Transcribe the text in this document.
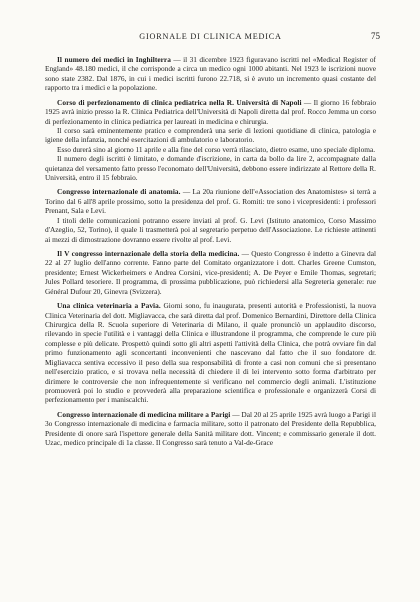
GIORNALE DI CLINICA MEDICA	75

Il numero dei medici in Inghilterra — il 31 dicembre 1923 figuravano iscritti nel «Medical Register of England» 48.180 medici, il che corrisponde a circa un medico ogni 1000 abitanti. Nel 1923 le iscrizioni nuove sono state 2382. Dal 1876, in cui i medici iscritti furono 22.718, si è avuto un incremento quasi costante del rapporto tra i medici e la popolazione.

Corso di perfezionamento di clinica pediatrica nella R. Università di Napoli — Il giorno 16 febbraio 1925 avrà inizio presso la R. Clinica Pediatrica dell'Università di Napoli diretta dal prof. Rocco Jemma un corso di perfezionamento in clinica pediatrica per laureati in medicina e chirurgia.

Il corso sarà eminentemente pratico e comprenderà una serie di lezioni quotidiane di clinica, patologia e igiene della infanzia, nonché esercitazioni di ambulatorio e laboratorio.

Esso durerà sino al giorno 11 aprile e alla fine del corso verrà rilasciato, dietro esame, uno speciale diploma.

Il numero degli iscritti è limitato, e domande d'iscrizione, in carta da bollo da lire 2, accompagnate dalla quietanza del versamento fatto presso l'economato dell'Università, debbono essere indirizzate al Rettore della R. Università, entro il 15 febbraio.

Congresso internazionale di anatomia. — La 20a riunione dell'«Association des Anatomistes» si terrà a Torino dal 6 all'8 aprile prossimo, sotto la presidenza del prof. G. Romiti: tre sono i vicepresidenti: i professori Prenant, Sala e Levi.

I titoli delle comunicazioni potranno essere inviati al prof. G. Levi (Istituto anatomico, Corso Massimo d'Azeglio, 52, Torino), il quale li trasmetterà poi al segretario perpetuo dell'Associazione. Le richieste attinenti ai mezzi di dimostrazione dovranno essere rivolte al prof. Levi.

Il V congresso internazionale della storia della medicina. — Questo Congresso è indetto a Ginevra dal 22 al 27 luglio dell'anno corrente. Fanno parte del Comitato organizzatore i dott. Charles Greene Cumston, presidente; Ernest Wickerheimers e Andrea Corsini, vice-presidenti; A. De Peyer e Emile Thomas, segretari; Jules Pollard tesoriere. Il programma, di prossima pubblicazione, può richiedersi alla Segreteria generale: rue Général Dufour 20, Ginevra (Svizzera).

Una clinica veterinaria a Pavia. Giorni sono, fu inaugurata, presenti autorità e Professionisti, la nuova Clinica Veterinaria del dott. Migliavacca, che sarà diretta dal prof. Domenico Bernardini, Direttore della Clinica Chirurgica della R. Scuola superiore di Veterinaria di Milano, il quale pronunciò un applaudito discorso, rilevando in specie l'utilità e i vantaggi della Clinica e illustrandone il programma, che comprende le cure più complesse e più delicate. Prospettò quindi sotto gli altri aspetti l'attività della Clinica, che potrà ovviare fin dal primo funzionamento agli sconcertanti inconvenienti che nascevano dal fatto che il suo fondatore dr. Migliavacca sentiva eccessivo il peso della sua responsabilità di fronte a casi non comuni che si presentano nell'esercizio pratico, e si trovava nella necessità di chiedere il di lei intervento sotto forma d'arbitrato per dirimere le controversie che non infrequentemente si verificano nel commercio degli animali. L'istituzione promuoverà poi lo studio e provvederà alla preparazione scientifica e professionale e organizzerà Corsi di perfezionamento per i maniscalchi.

Congresso internazionale di medicina militare a Parigi — Dal 20 al 25 aprile 1925 avrà luogo a Parigi il 3o Congresso internazionale di medicina e farmacia militare, sotto il patronato del Presidente della Repubblica, Presidente di onore sarà l'ispettore generale della Sanità militare dott. Vincent; e commissario generale il dott. Uzac, medico principale di 1a classe. Il Congresso sarà tenuto a Val-de-Grace
